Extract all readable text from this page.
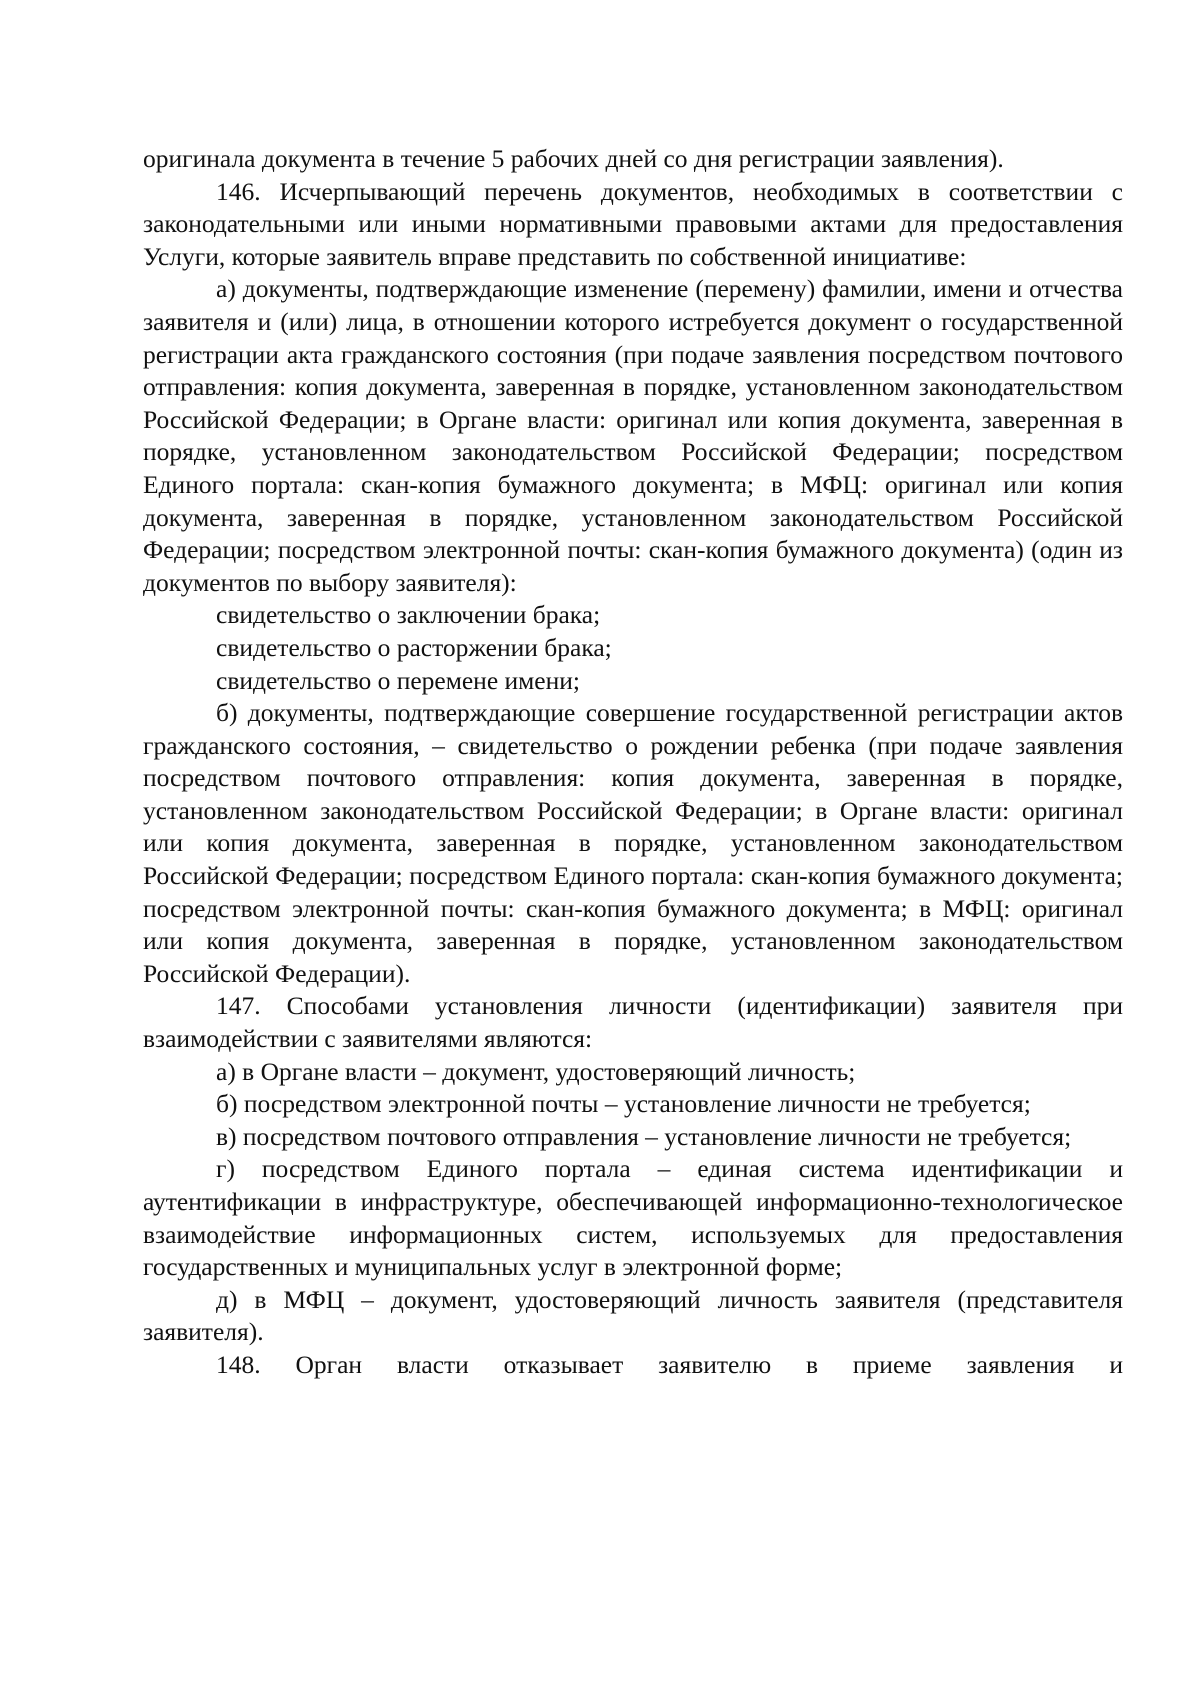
оригинала документа в течение 5 рабочих дней со дня регистрации заявления).

146. Исчерпывающий перечень документов, необходимых в соответствии с законодательными или иными нормативными правовыми актами для предоставления Услуги, которые заявитель вправе представить по собственной инициативе:

а) документы, подтверждающие изменение (перемену) фамилии, имени и отчества заявителя и (или) лица, в отношении которого истребуется документ о государственной регистрации акта гражданского состояния (при подаче заявления посредством почтового отправления: копия документа, заверенная в порядке, установленном законодательством Российской Федерации; в Органе власти: оригинал или копия документа, заверенная в порядке, установленном законодательством Российской Федерации; посредством Единого портала: скан-копия бумажного документа; в МФЦ: оригинал или копия документа, заверенная в порядке, установленном законодательством Российской Федерации; посредством электронной почты: скан-копия бумажного документа) (один из документов по выбору заявителя):

свидетельство о заключении брака;

свидетельство о расторжении брака;

свидетельство о перемене имени;

б) документы, подтверждающие совершение государственной регистрации актов гражданского состояния, – свидетельство о рождении ребенка (при подаче заявления посредством почтового отправления: копия документа, заверенная в порядке, установленном законодательством Российской Федерации; в Органе власти: оригинал или копия документа, заверенная в порядке, установленном законодательством Российской Федерации; посредством Единого портала: скан-копия бумажного документа; посредством электронной почты: скан-копия бумажного документа; в МФЦ: оригинал или копия документа, заверенная в порядке, установленном законодательством Российской Федерации).

147. Способами установления личности (идентификации) заявителя при взаимодействии с заявителями являются:

а) в Органе власти – документ, удостоверяющий личность;

б) посредством электронной почты – установление личности не требуется;

в) посредством почтового отправления – установление личности не требуется;

г) посредством Единого портала – единая система идентификации и аутентификации в инфраструктуре, обеспечивающей информационно-технологическое взаимодействие информационных систем, используемых для предоставления государственных и муниципальных услуг в электронной форме;

д) в МФЦ – документ, удостоверяющий личность заявителя (представителя заявителя).

148. Орган власти отказывает заявителю в приеме заявления и
